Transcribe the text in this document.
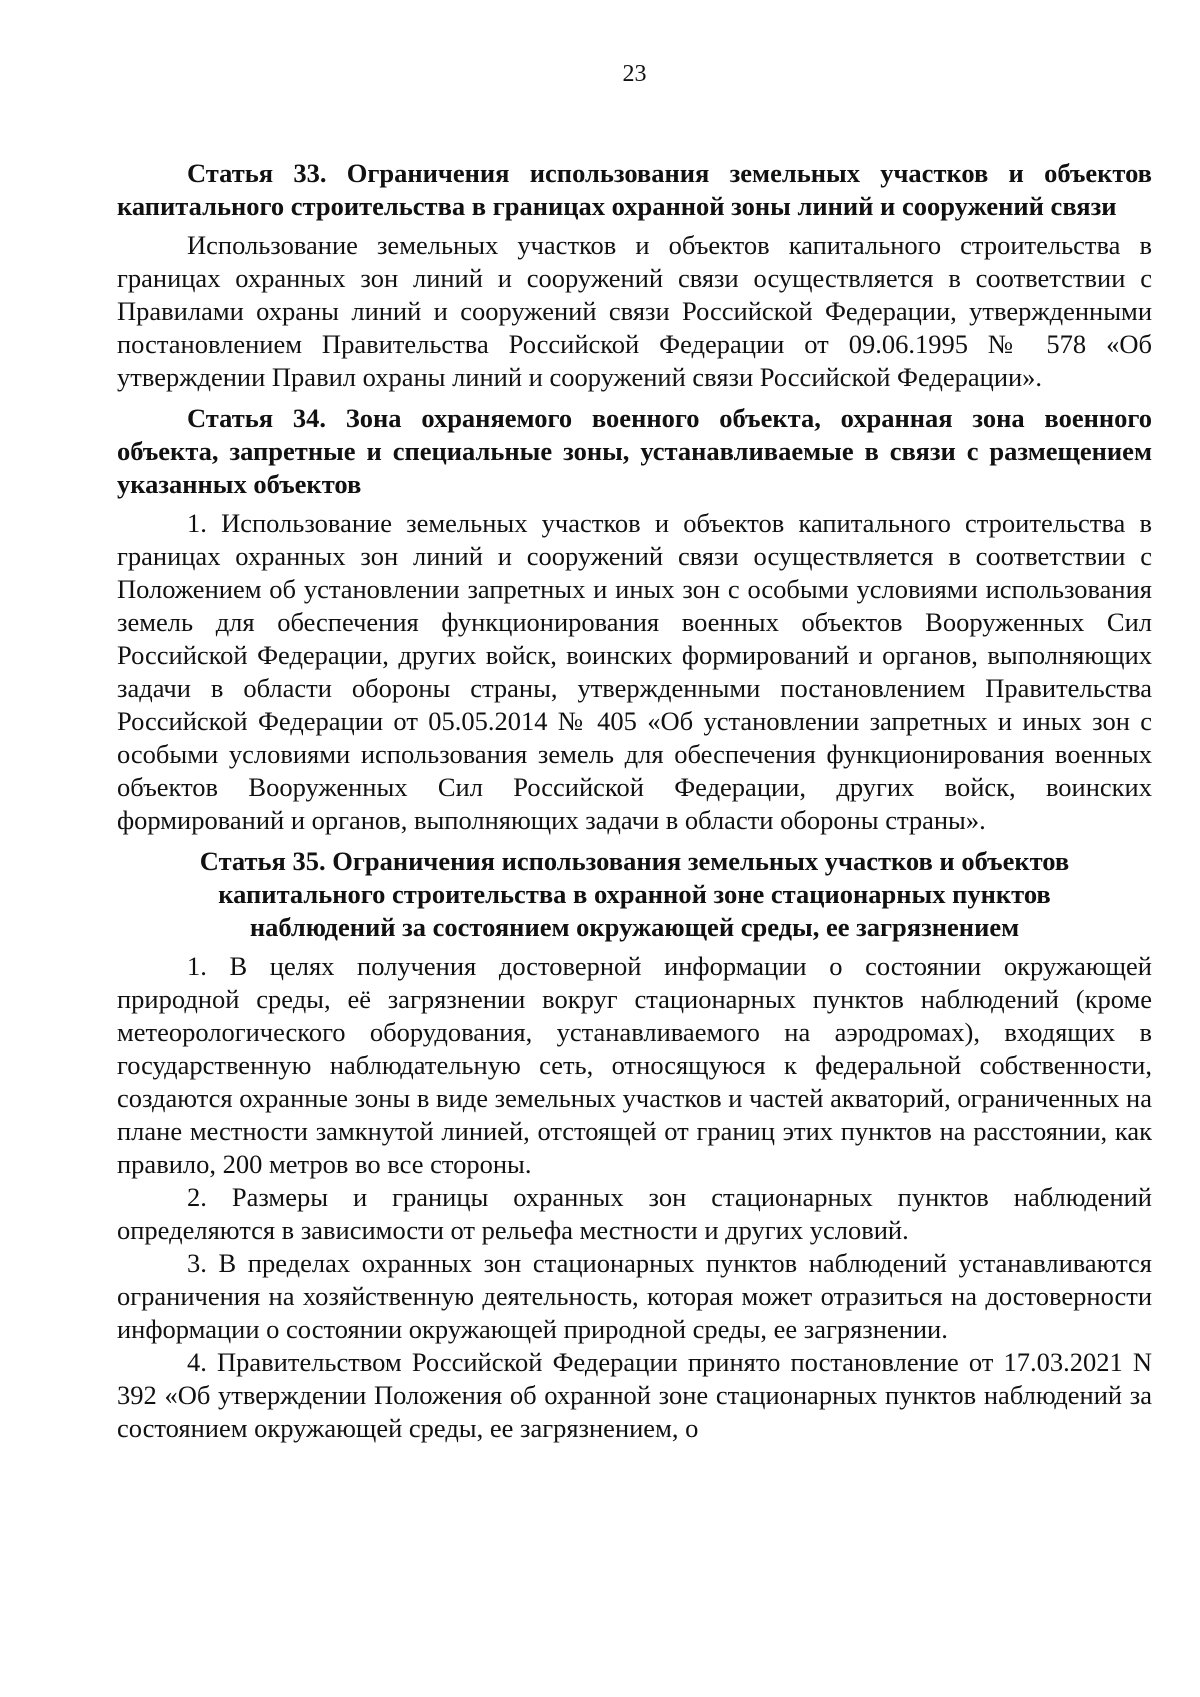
23

Статья 33. Ограничения использования земельных участков и объектов капитального строительства в границах охранной зоны линий и сооружений связи

Использование земельных участков и объектов капитального строительства в границах охранных зон линий и сооружений связи осуществляется в соответствии с Правилами охраны линий и сооружений связи Российской Федерации, утвержденными постановлением Правительства Российской Федерации от 09.06.1995 № 578 «Об утверждении Правил охраны линий и сооружений связи Российской Федерации».

Статья 34. Зона охраняемого военного объекта, охранная зона военного объекта, запретные и специальные зоны, устанавливаемые в связи с размещением указанных объектов

1. Использование земельных участков и объектов капитального строительства в границах охранных зон линий и сооружений связи осуществляется в соответствии с Положением об установлении запретных и иных зон с особыми условиями использования земель для обеспечения функционирования военных объектов Вооруженных Сил Российской Федерации, других войск, воинских формирований и органов, выполняющих задачи в области обороны страны, утвержденными постановлением Правительства Российской Федерации от 05.05.2014 № 405 «Об установлении запретных и иных зон с особыми условиями использования земель для обеспечения функционирования военных объектов Вооруженных Сил Российской Федерации, других войск, воинских формирований и органов, выполняющих задачи в области обороны страны».

Статья 35. Ограничения использования земельных участков и объектов капитального строительства в охранной зоне стационарных пунктов наблюдений за состоянием окружающей среды, ее загрязнением

1. В целях получения достоверной информации о состоянии окружающей природной среды, её загрязнении вокруг стационарных пунктов наблюдений (кроме метеорологического оборудования, устанавливаемого на аэродромах), входящих в государственную наблюдательную сеть, относящуюся к федеральной собственности, создаются охранные зоны в виде земельных участков и частей акваторий, ограниченных на плане местности замкнутой линией, отстоящей от границ этих пунктов на расстоянии, как правило, 200 метров во все стороны.

2. Размеры и границы охранных зон стационарных пунктов наблюдений определяются в зависимости от рельефа местности и других условий.

3. В пределах охранных зон стационарных пунктов наблюдений устанавливаются ограничения на хозяйственную деятельность, которая может отразиться на достоверности информации о состоянии окружающей природной среды, ее загрязнении.

4. Правительством Российской Федерации принято постановление от 17.03.2021 N 392 «Об утверждении Положения об охранной зоне стационарных пунктов наблюдений за состоянием окружающей среды, ее загрязнением, о
